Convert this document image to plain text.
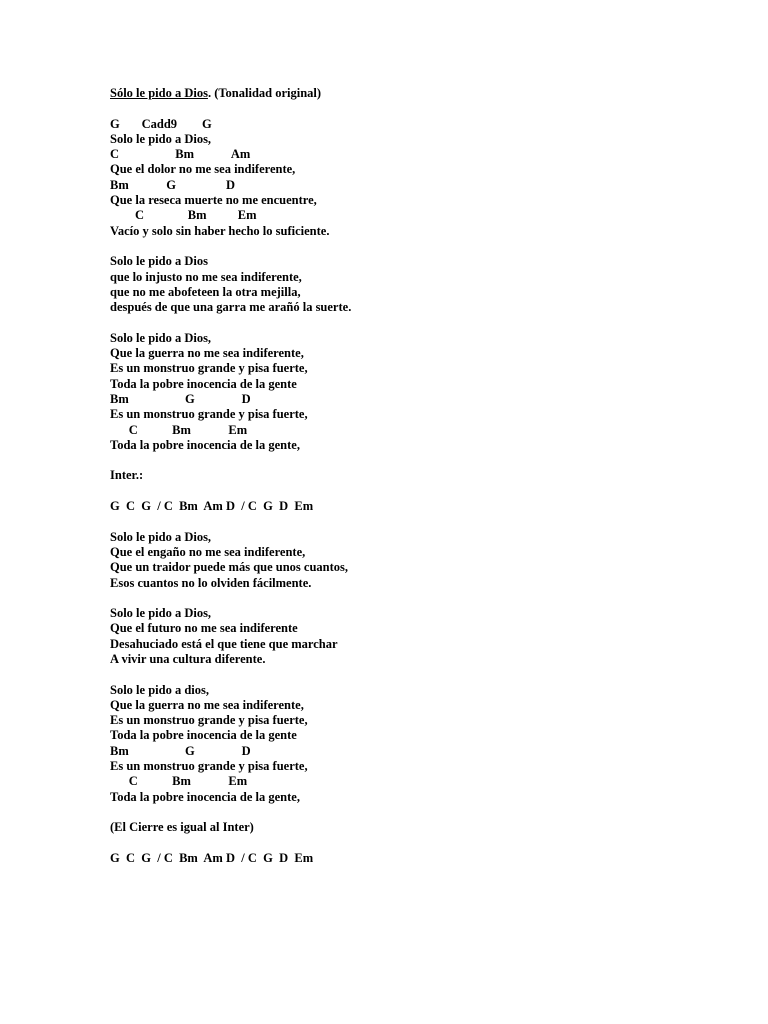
Sólo le pido a Dios. (Tonalidad original)
G       Cadd9        G
Solo le pido a Dios,
C                  Bm            Am
Que el dolor no me sea indiferente,
Bm            G                D
Que la reseca muerte no me encuentre,
C              Bm          Em
Vacío y solo sin haber hecho lo suficiente.
Solo le pido a Dios
que lo injusto no me sea indiferente,
que no me abofeteen la otra mejilla,
después de que una garra me arañó la suerte.
Solo le pido a Dios,
Que la guerra no me sea indiferente,
Es un monstruo grande y pisa fuerte,
Toda la pobre inocencia de la gente
Bm                  G               D
Es un monstruo grande y pisa fuerte,
C           Bm            Em
Toda la pobre inocencia de la gente,
Inter.:
G  C  G  / C  Bm  Am D  / C  G  D  Em
Solo le pido a Dios,
Que el engaño no me sea indiferente,
Que un traidor puede más que unos cuantos,
Esos cuantos no lo olviden fácilmente.
Solo le pido a Dios,
Que el futuro no me sea indiferente
Desahuciado está el que tiene que marchar
A vivir una cultura diferente.
Solo le pido a dios,
Que la guerra no me sea indiferente,
Es un monstruo grande y pisa fuerte,
Toda la pobre inocencia de la gente
Bm                  G               D
Es un monstruo grande y pisa fuerte,
C           Bm            Em
Toda la pobre inocencia de la gente,
(El Cierre es igual al Inter)
G  C  G  / C  Bm  Am D  / C  G  D  Em
